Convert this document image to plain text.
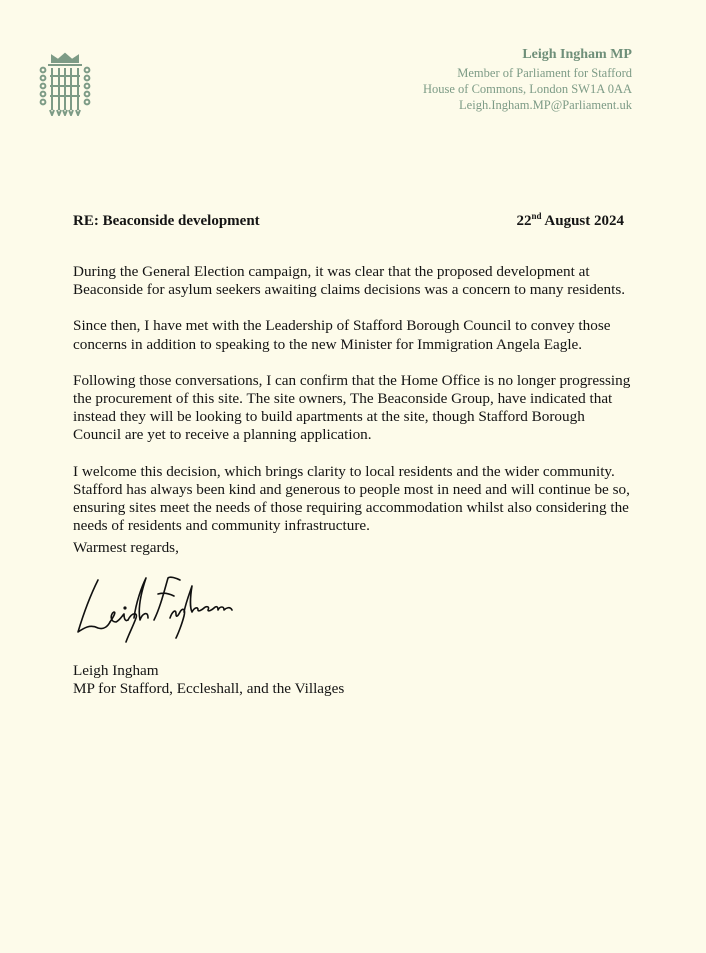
Leigh Ingham MP
Member of Parliament for Stafford
House of Commons, London SW1A 0AA
Leigh.Ingham.MP@Parliament.uk
RE: Beaconside development	22nd August 2024

During the General Election campaign, it was clear that the proposed development at Beaconside for asylum seekers awaiting claims decisions was a concern to many residents.

Since then, I have met with the Leadership of Stafford Borough Council to convey those concerns in addition to speaking to the new Minister for Immigration Angela Eagle.

Following those conversations, I can confirm that the Home Office is no longer progressing the procurement of this site. The site owners, The Beaconside Group, have indicated that instead they will be looking to build apartments at the site, though Stafford Borough Council are yet to receive a planning application.

I welcome this decision, which brings clarity to local residents and the wider community. Stafford has always been kind and generous to people most in need and will continue be so, ensuring sites meet the needs of those requiring accommodation whilst also considering the needs of residents and community infrastructure.

Warmest regards,
Leigh Ingham
MP for Stafford, Eccleshall, and the Villages
